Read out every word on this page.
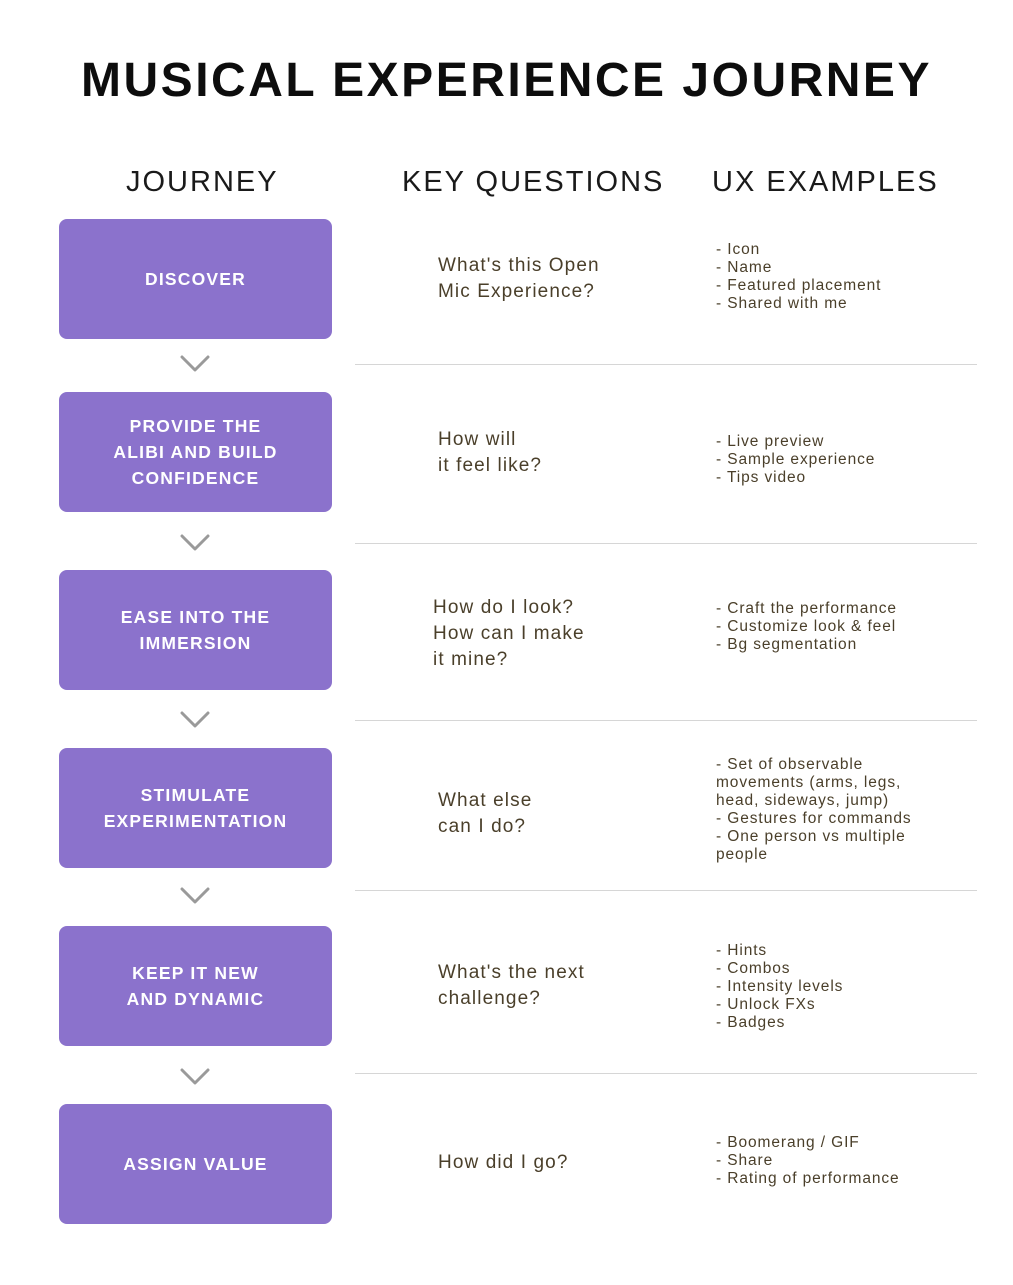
MUSICAL EXPERIENCE JOURNEY
JOURNEY	KEY QUESTIONS UX EXAMPLES
DISCOVER
What's this Open
Mic Experience?
- Icon
- Name
- Featured placement
- Shared with me
PROVIDE THE
ALIBI AND BUILD
CONFIDENCE
How will
it feel like?
- Live preview
- Sample experience
- Tips video
EASE INTO THE
IMMERSION
How do I look?
How can I make
it mine?
- Craft the performance
- Customize look & feel
- Bg segmentation
STIMULATE
EXPERIMENTATION
What else
can I do?
- Set of observable
movements (arms, legs,
head, sideways, jump)
- Gestures for commands
- One person vs multiple
people
KEEP IT NEW
AND DYNAMIC
What's the next
challenge?
- Hints
- Combos
- Intensity levels
- Unlock FXs
- Badges
ASSIGN VALUE	How did I go?
- Boomerang / GIF
- Share
- Rating of performance
